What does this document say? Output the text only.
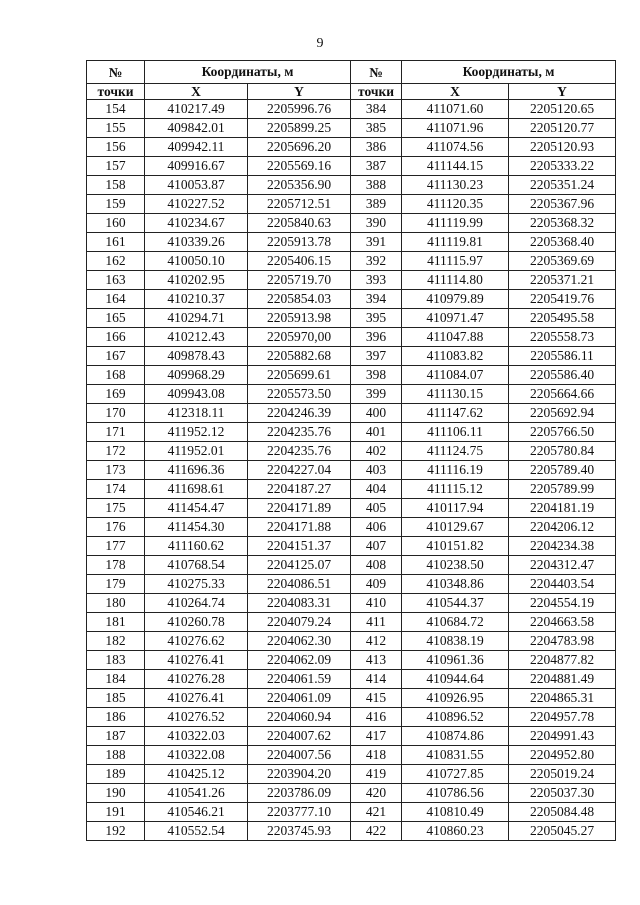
9
№	Координаты, м		№	Координаты, м	
точки	X	Y	точки	X	Y
154	410217.49	2205996.76	384	411071.60	2205120.65
155	409842.01	2205899.25	385	411071.96	2205120.77
156	409942.11	2205696.20	386	411074.56	2205120.93
157	409916.67	2205569.16	387	411144.15	2205333.22
158	410053.87	2205356.90	388	411130.23	2205351.24
159	410227.52	2205712.51	389	411120.35	2205367.96
160	410234.67	2205840.63	390	411119.99	2205368.32
161	410339.26	2205913.78	391	411119.81	2205368.40
162	410050.10	2205406.15	392	411115.97	2205369.69
163	410202.95	2205719.70	393	411114.80	2205371.21
164	410210.37	2205854.03	394	410979.89	2205419.76
165	410294.71	2205913.98	395	410971.47	2205495.58
166	410212.43	2205970,00	396	411047.88	2205558.73
167	409878.43	2205882.68	397	411083.82	2205586.11
168	409968.29	2205699.61	398	411084.07	2205586.40
169	409943.08	2205573.50	399	411130.15	2205664.66
170	412318.11	2204246.39	400	411147.62	2205692.94
171	411952.12	2204235.76	401	411106.11	2205766.50
172	411952.01	2204235.76	402	411124.75	2205780.84
173	411696.36	2204227.04	403	411116.19	2205789.40
174	411698.61	2204187.27	404	411115.12	2205789.99
175	411454.47	2204171.89	405	410117.94	2204181.19
176	411454.30	2204171.88	406	410129.67	2204206.12
177	411160.62	2204151.37	407	410151.82	2204234.38
178	410768.54	2204125.07	408	410238.50	2204312.47
179	410275.33	2204086.51	409	410348.86	2204403.54
180	410264.74	2204083.31	410	410544.37	2204554.19
181	410260.78	2204079.24	411	410684.72	2204663.58
182	410276.62	2204062.30	412	410838.19	2204783.98
183	410276.41	2204062.09	413	410961.36	2204877.82
184	410276.28	2204061.59	414	410944.64	2204881.49
185	410276.41	2204061.09	415	410926.95	2204865.31
186	410276.52	2204060.94	416	410896.52	2204957.78
187	410322.03	2204007.62	417	410874.86	2204991.43
188	410322.08	2204007.56	418	410831.55	2204952.80
189	410425.12	2203904.20	419	410727.85	2205019.24
190	410541.26	2203786.09	420	410786.56	2205037.30
191	410546.21	2203777.10	421	410810.49	2205084.48
192	410552.54	2203745.93	422	410860.23	2205045.27
